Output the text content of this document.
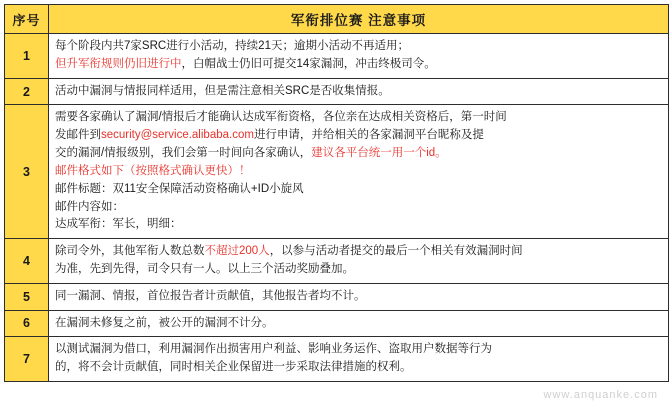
序号	军衔排位赛 注意事项
1	每个阶段内共7家SRC进行小活动，持续21天；逾期小活动不再适用；

但升军衔规则仍旧进行中，白帽战士仍旧可提交14家漏洞，冲击终极司令。

2	活动中漏洞与情报同样适用，但是需注意相关SRC是否收集情报。

3	

需要各家确认了漏洞/情报后才能确认达成军衔资格，各位亲在达成相关资格后，第一时间

发邮件到security@service.alibaba.com进行申请，并给相关的各家漏洞平台昵称及提

交的漏洞/情报级别，我们会第一时间向各家确认，建议各平台统一用一个id。

邮件格式如下（按照格式确认更快）！

邮件标题：双11安全保障活动资格确认+ID小旋风

邮件内容如：

达成军衔：军长，明细：

4	除司令外，其他军衔人数总数不超过200人，以参与活动者提交的最后一个相关有效漏洞时间

为准，先到先得，司令只有一人。以上三个活动奖励叠加。

5	同一漏洞、情报，首位报告者计贡献值，其他报告者均不计。

6	在漏洞未修复之前，被公开的漏洞不计分。

7	以测试漏洞为借口，利用漏洞作出损害用户利益、影响业务运作、盗取用户数据等行为

的，将不会计贡献值，同时相关企业保留进一步采取法律措施的权利。

www.anquanke.com
